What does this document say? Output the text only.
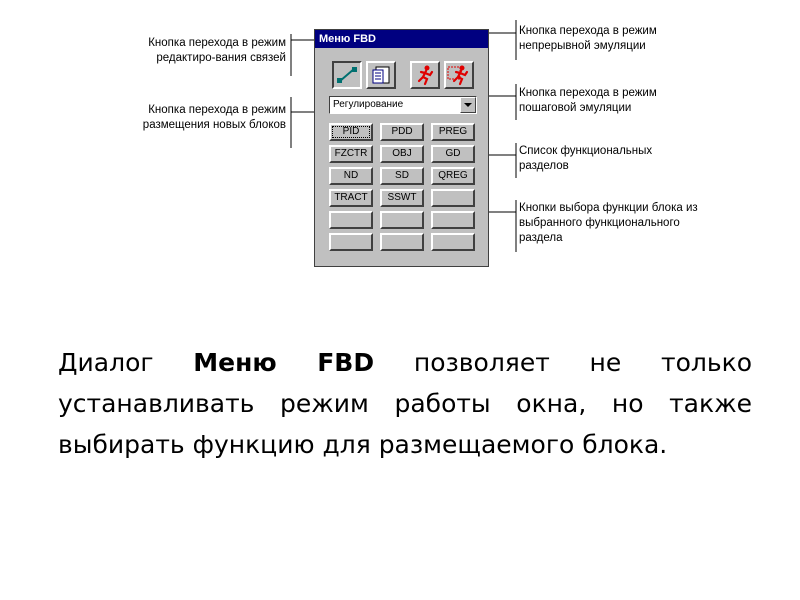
Кнопка перехода в режим редактиро-вания связей
Кнопка перехода в режим размещения новых блоков
Кнопка перехода в режим непрерывной эмуляции
Кнопка перехода в режим пошаговой эмуляции
Список функциональных разделов
Кнопки выбора функции блока из выбранного функционального раздела
Меню FBD
Регулирование
PID	PDD	PREG
FZCTR	OBJ	GD
ND	SD	QREG
TRACT	SSWT
Диалог Меню FBD позволяет не только устанавливать режим работы окна, но также выбирать функцию для размещаемого блока.
